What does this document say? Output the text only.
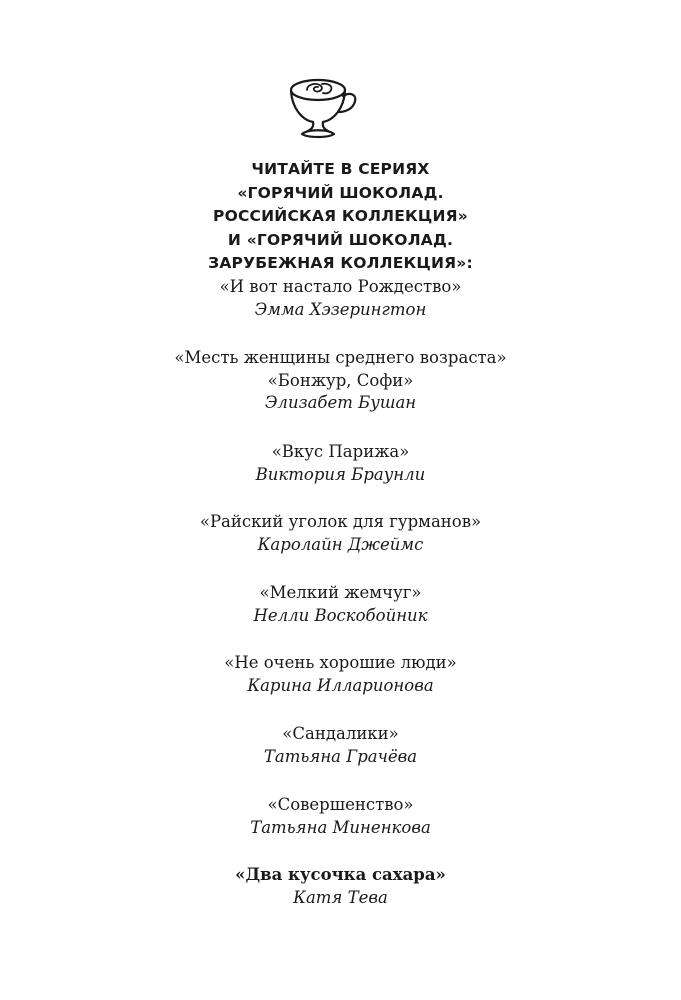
ЧИТАЙТЕ В СЕРИЯХ
«ГОРЯЧИЙ ШОКОЛАД.
РОССИЙСКАЯ КОЛЛЕКЦИЯ»
И «ГОРЯЧИЙ ШОКОЛАД.
ЗАРУБЕЖНАЯ КОЛЛЕКЦИЯ»:
«И вот настало Рождество»
Эмма Хэзерингтон
«Месть женщины среднего возраста»
«Бонжур, Софи»
Элизабет Бушан
«Вкус Парижа»
Виктория Браунли
«Райский уголок для гурманов»
Каролайн Джеймс
«Мелкий жемчуг»
Нелли Воскобойник
«Не очень хорошие люди»
Карина Илларионова
«Сандалики»
Татьяна Грачёва
«Совершенство»
Татьяна Миненкова
«Два кусочка сахара»
Катя Тева
